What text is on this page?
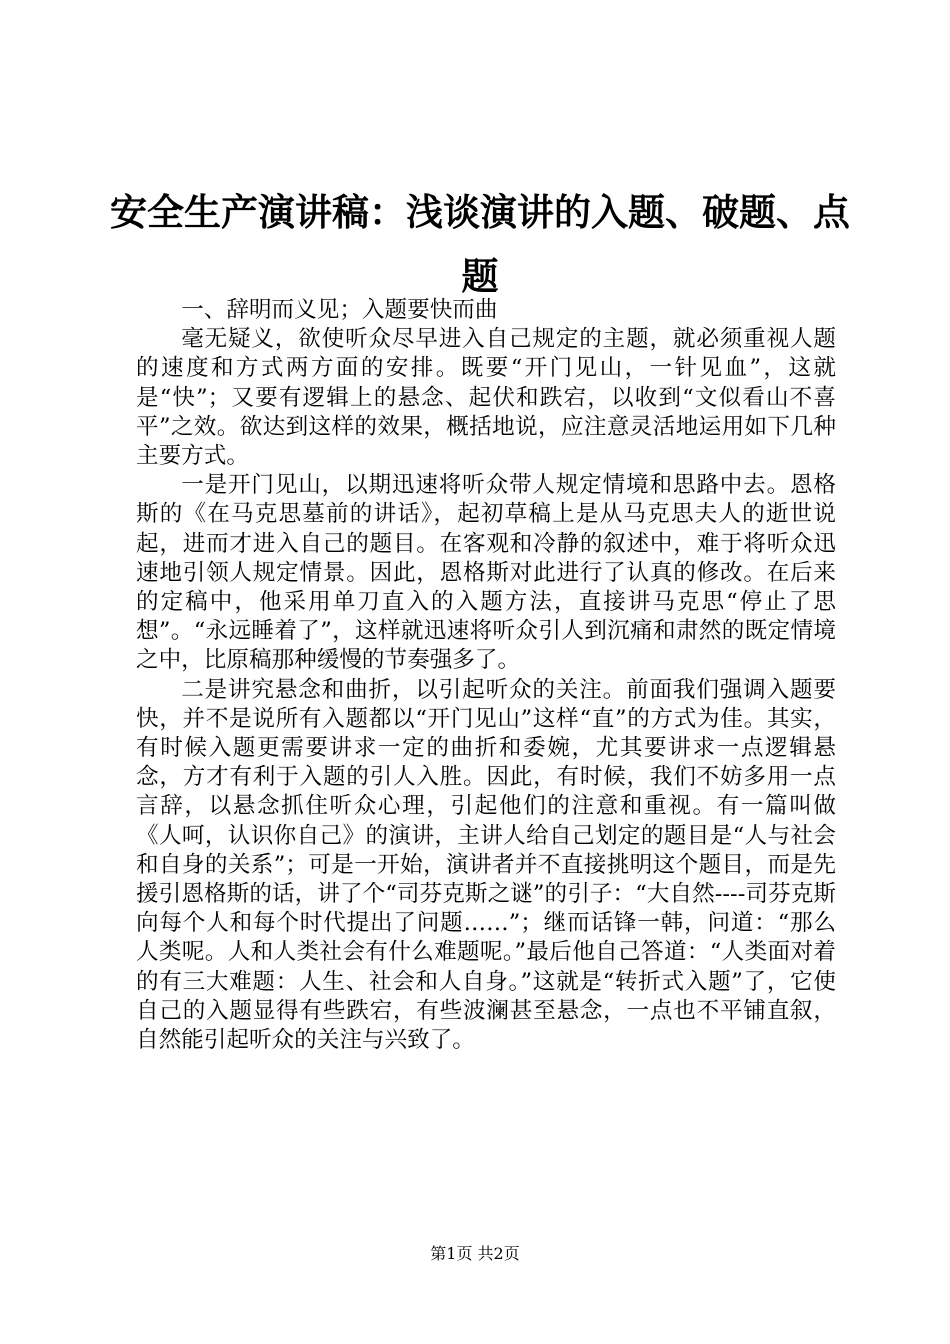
安全生产演讲稿：浅谈演讲的入题、破题、点题

一、辞明而义见；入题要快而曲

毫无疑义，欲使听众尽早进入自己规定的主题，就必须重视人题的速度和方式两方面的安排。既要“开门见山，一针见血”，这就是“快”；又要有逻辑上的悬念、起伏和跌宕，以收到“文似看山不喜平”之效。欲达到这样的效果，概括地说，应注意灵活地运用如下几种主要方式。

一是开门见山，以期迅速将听众带人规定情境和思路中去。恩格斯的《在马克思墓前的讲话》，起初草稿上是从马克思夫人的逝世说起，进而才进入自己的题目。在客观和冷静的叙述中，难于将听众迅速地引领人规定情景。因此，恩格斯对此进行了认真的修改。在后来的定稿中，他采用单刀直入的入题方法，直接讲马克思“停止了思想”。“永远睡着了”，这样就迅速将听众引人到沉痛和肃然的既定情境之中，比原稿那种缓慢的节奏强多了。

二是讲究悬念和曲折，以引起听众的关注。前面我们强调入题要快，并不是说所有入题都以“开门见山”这样“直”的方式为佳。其实，有时候入题更需要讲求一定的曲折和委婉，尤其要讲求一点逻辑悬念，方才有利于入题的引人入胜。因此，有时候，我们不妨多用一点言辞，以悬念抓住听众心理，引起他们的注意和重视。有一篇叫做《人呵，认识你自己》的演讲，主讲人给自己划定的题目是“人与社会和自身的关系”；可是一开始，演讲者并不直接挑明这个题目，而是先援引恩格斯的话，讲了个“司芬克斯之谜”的引子：“大自然----司芬克斯向每个人和每个时代提出了问题……”；继而话锋一韩，问道：“那么人类呢。人和人类社会有什么难题呢。”最后他自己答道：“人类面对着的有三大难题：人生、社会和人自身。”这就是“转折式入题”了，它使自己的入题显得有些跌宕，有些波澜甚至悬念，一点也不平铺直叙，自然能引起听众的关注与兴致了。

第1页 共2页
